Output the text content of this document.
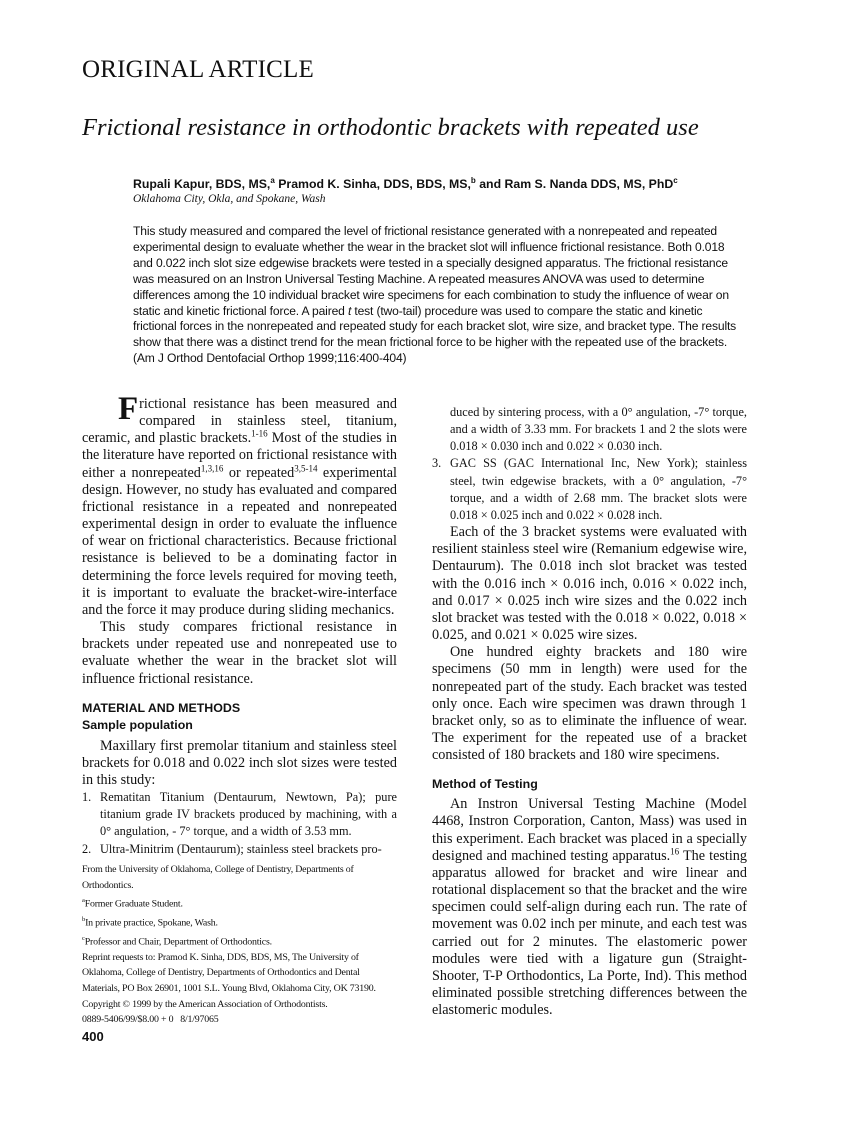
ORIGINAL ARTICLE
Frictional resistance in orthodontic brackets with repeated use
Rupali Kapur, BDS, MS,$^a$ Pramod K. Sinha, DDS, BDS, MS,$^b$ and Ram S. Nanda DDS, MS, PhD$^c$
Oklahoma City, Okla, and Spokane, Wash
This study measured and compared the level of frictional resistance generated with a nonrepeated and repeated experimental design to evaluate whether the wear in the bracket slot will influence frictional resistance. Both 0.018 and 0.022 inch slot size edgewise brackets were tested in a specially designed apparatus. The frictional resistance was measured on an Instron Universal Testing Machine. A repeated measures ANOVA was used to determine differences among the 10 individual bracket wire specimens for each combination to study the influence of wear on static and kinetic frictional force. A paired t test (two-tail) procedure was used to compare the static and kinetic frictional forces in the nonrepeated and repeated study for each bracket slot, wire size, and bracket type. The results show that there was a distinct trend for the mean frictional force to be higher with the repeated use of the brackets. (Am J Orthod Dentofacial Orthop 1999;116:400-404)

Frictional resistance has been measured and compared in stainless steel, titanium, ceramic, and plastic brackets.$^{1-16}$ Most of the studies in the literature have reported on frictional resistance with either a nonrepeated$^{1,3,16}$ or repeated$^{3,5-14}$ experimental design. However, no study has evaluated and compared frictional resistance in a repeated and nonrepeated experimental design in order to evaluate the influence of wear on frictional characteristics. Because frictional resistance is believed to be a dominating factor in determining the force levels required for moving teeth, it is important to evaluate the bracket-wire-interface and the force it may produce during sliding mechanics.

This study compares frictional resistance in brackets under repeated use and nonrepeated use to evaluate whether the wear in the bracket slot will influence frictional resistance.

MATERIAL AND METHODS
Sample population

Maxillary first premolar titanium and stainless steel brackets for 0.018 and 0.022 inch slot sizes were tested in this study:

1. Rematitan Titanium (Dentaurum, Newtown, Pa); pure titanium grade IV brackets produced by machining, with a 0° angulation, - 7° torque, and a width of 3.53 mm.
2. Ultra-Minitrim (Dentaurum); stainless steel brackets pro-
duced by sintering process, with a 0° angulation, -7° torque, and a width of 3.33 mm. For brackets 1 and 2 the slots were 0.018 × 0.030 inch and 0.022 × 0.030 inch.
3. GAC SS (GAC International Inc, New York); stainless steel, twin edgewise brackets, with a 0° angulation, -7° torque, and a width of 2.68 mm. The bracket slots were 0.018 × 0.025 inch and 0.022 × 0.028 inch.

Each of the 3 bracket systems were evaluated with resilient stainless steel wire (Remanium edgewise wire, Dentaurum). The 0.018 inch slot bracket was tested with the 0.016 inch × 0.016 inch, 0.016 × 0.022 inch, and 0.017 × 0.025 inch wire sizes and the 0.022 inch slot bracket was tested with the 0.018 × 0.022, 0.018 × 0.025, and 0.021 × 0.025 wire sizes.

One hundred eighty brackets and 180 wire specimens (50 mm in length) were used for the nonrepeated part of the study. Each bracket was tested only once. Each wire specimen was drawn through 1 bracket only, so as to eliminate the influence of wear. The experiment for the repeated use of a bracket consisted of 180 brackets and 180 wire specimens.

Method of Testing

An Instron Universal Testing Machine (Model 4468, Instron Corporation, Canton, Mass) was used in this experiment. Each bracket was placed in a specially designed and machined testing apparatus.$^{16}$ The testing apparatus allowed for bracket and wire linear and rotational displacement so that the bracket and the wire specimen could self-align during each run. The rate of movement was 0.02 inch per minute, and each test was carried out for 2 minutes. The elastomeric power modules were tied with a ligature gun (Straight-Shooter, T-P Orthodontics, La Porte, Ind). This method eliminated possible stretching differences between the elastomeric modules.

From the University of Oklahoma, College of Dentistry, Departments of Orthodontics.
$^a$Former Graduate Student.
$^b$In private practice, Spokane, Wash.
$^c$Professor and Chair, Department of Orthodontics.
Reprint requests to: Pramod K. Sinha, DDS, BDS, MS, The University of Oklahoma, College of Dentistry, Departments of Orthodontics and Dental Materials, PO Box 26901, 1001 S.L. Young Blvd, Oklahoma City, OK 73190.
Copyright © 1999 by the American Association of Orthodontists.
0889-5406/99/$8.00 + 0 8/1/97065
400
